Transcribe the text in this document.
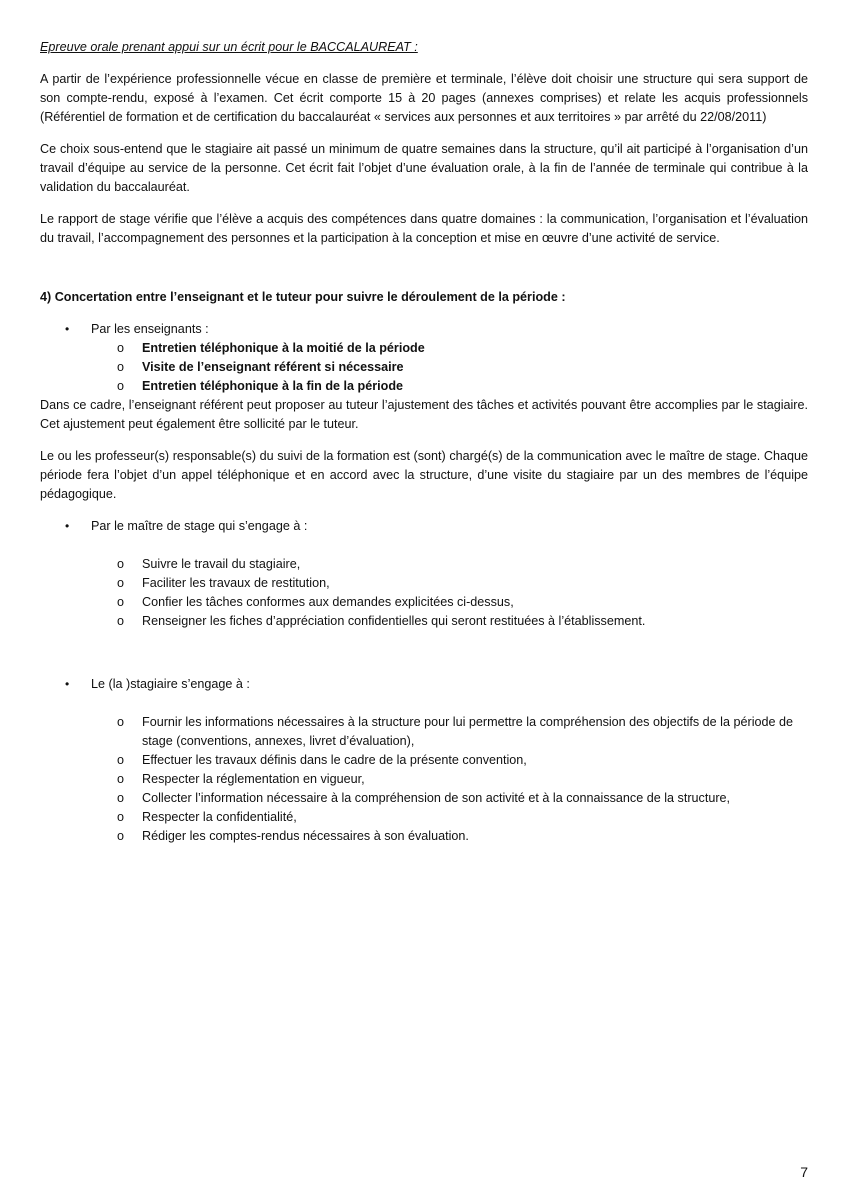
Epreuve orale prenant appui sur un écrit pour le BACCALAUREAT :

A partir de l’expérience professionnelle vécue en classe de première et terminale, l’élève doit choisir une structure qui sera support de son compte-rendu, exposé à l’examen. Cet écrit comporte 15 à 20 pages (annexes comprises) et relate les acquis professionnels (Référentiel de formation et de certification du baccalauréat « services aux personnes et aux territoires » par arrêté du 22/08/2011)

Ce choix sous-entend que le stagiaire ait passé un minimum de quatre semaines dans la structure, qu’il ait participé à l’organisation d’un travail d’équipe au service de la personne. Cet écrit fait l’objet d’une évaluation orale, à la fin de l’année de terminale qui contribue à la validation du baccalauréat.

Le rapport de stage vérifie que l’élève a acquis des compétences dans quatre domaines : la communication, l’organisation et l’évaluation du travail, l’accompagnement des personnes et la participation à la conception et mise en œuvre d’une activité de service.

4) Concertation entre l’enseignant et le tuteur pour suivre le déroulement de la période :

• Par les enseignants :
o Entretien téléphonique à la moitié de la période
o Visite de l’enseignant référent si nécessaire
o Entretien téléphonique à la fin de la période

Dans ce cadre, l’enseignant référent peut proposer au tuteur l’ajustement des tâches et activités pouvant être accomplies par le stagiaire. Cet ajustement peut également être sollicité par le tuteur.

Le ou les professeur(s) responsable(s) du suivi de la formation est (sont) chargé(s) de la communication avec le maître de stage. Chaque période fera l’objet d’un appel téléphonique et en accord avec la structure, d’une visite du stagiaire par un des membres de l’équipe pédagogique.

• Par le maître de stage qui s’engage à :
o Suivre le travail du stagiaire,
o Faciliter les travaux de restitution,
o Confier les tâches conformes aux demandes explicitées ci-dessus,
o Renseigner les fiches d’appréciation confidentielles qui seront restituées à l’établissement.
• Le (la )stagiaire s’engage à :
o Fournir les informations nécessaires à la structure pour lui permettre la compréhension des objectifs de la période de stage (conventions, annexes, livret d’évaluation),
o Effectuer les travaux définis dans le cadre de la présente convention,
o Respecter la réglementation en vigueur,
o Collecter l’information nécessaire à la compréhension de son activité et à la connaissance de la structure,
o Respecter la confidentialité,
o Rédiger les comptes-rendus nécessaires à son évaluation.
7
